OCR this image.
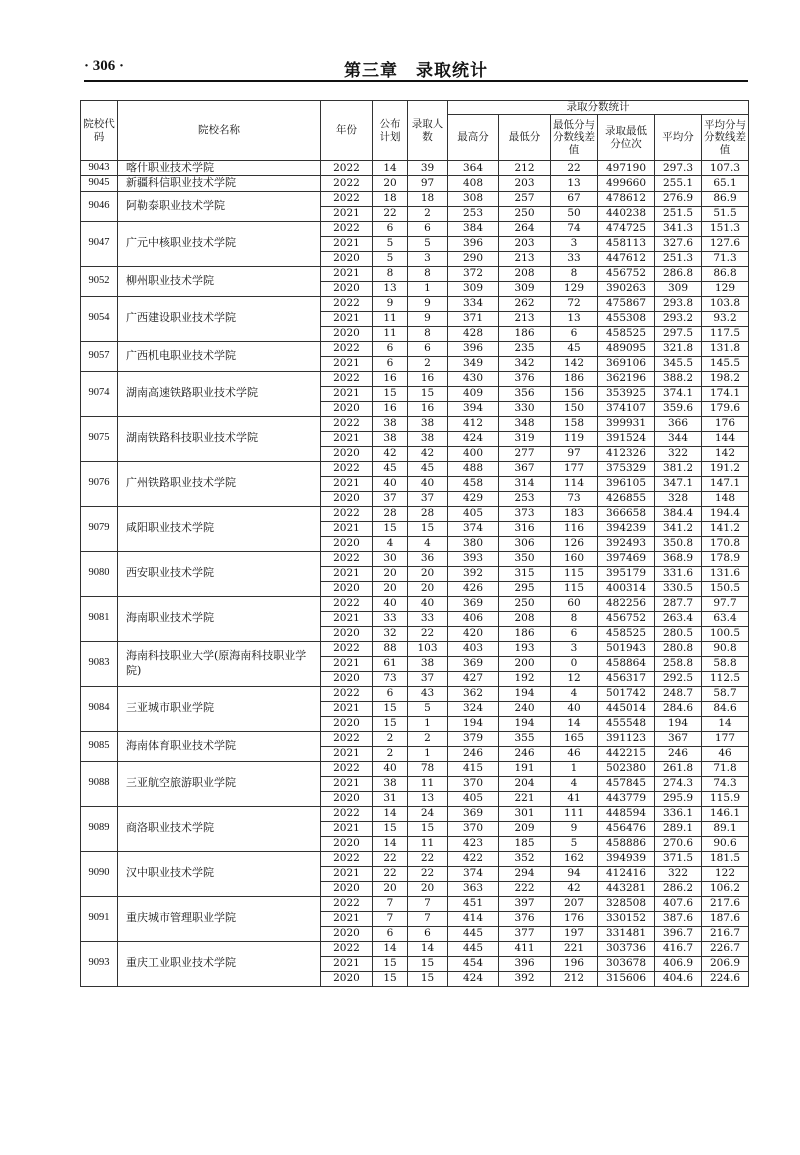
· 306 ·	第三章　录取统计
院校代码	院校名称	年份	公布计划	录取人数	录取分数统计					
					最高分	最低分	最低分与分数线差值	录取最低分位次	平均分	平均分与分数线差值
9043	喀什职业技术学院	2022	14	39	364	212	22	497190	297.3	107.3
9045	新疆科信职业技术学院	2022	20	97	408	203	13	499660	255.1	65.1
9046	阿勒泰职业技术学院	2022	18	18	308	257	67	478612	276.9	86.9
		2021	22	2	253	250	50	440238	251.5	51.5
9047	广元中核职业技术学院	2022	6	6	384	264	74	474725	341.3	151.3
		2021	5	5	396	203	3	458113	327.6	127.6
		2020	5	3	290	213	33	447612	251.3	71.3
9052	柳州职业技术学院	2021	8	8	372	208	8	456752	286.8	86.8
		2020	13	1	309	309	129	390263	309	129
9054	广西建设职业技术学院	2022	9	9	334	262	72	475867	293.8	103.8
		2021	11	9	371	213	13	455308	293.2	93.2
		2020	11	8	428	186	6	458525	297.5	117.5
9057	广西机电职业技术学院	2022	6	6	396	235	45	489095	321.8	131.8
		2021	6	2	349	342	142	369106	345.5	145.5
9074	湖南高速铁路职业技术学院	2022	16	16	430	376	186	362196	388.2	198.2
		2021	15	15	409	356	156	353925	374.1	174.1
		2020	16	16	394	330	150	374107	359.6	179.6
9075	湖南铁路科技职业技术学院	2022	38	38	412	348	158	399931	366	176
		2021	38	38	424	319	119	391524	344	144
		2020	42	42	400	277	97	412326	322	142
9076	广州铁路职业技术学院	2022	45	45	488	367	177	375329	381.2	191.2
		2021	40	40	458	314	114	396105	347.1	147.1
		2020	37	37	429	253	73	426855	328	148
9079	咸阳职业技术学院	2022	28	28	405	373	183	366658	384.4	194.4
		2021	15	15	374	316	116	394239	341.2	141.2
		2020	4	4	380	306	126	392493	350.8	170.8
9080	西安职业技术学院	2022	30	36	393	350	160	397469	368.9	178.9
		2021	20	20	392	315	115	395179	331.6	131.6
		2020	20	20	426	295	115	400314	330.5	150.5
9081	海南职业技术学院	2022	40	40	369	250	60	482256	287.7	97.7
		2021	33	33	406	208	8	456752	263.4	63.4
		2020	32	22	420	186	6	458525	280.5	100.5
9083	海南科技职业大学(原海南科技职业学院)	2022	88	103	403	193	3	501943	280.8	90.8
		2021	61	38	369	200	0	458864	258.8	58.8
		2020	73	37	427	192	12	456317	292.5	112.5
9084	三亚城市职业学院	2022	6	43	362	194	4	501742	248.7	58.7
		2021	15	5	324	240	40	445014	284.6	84.6
		2020	15	1	194	194	14	455548	194	14
9085	海南体育职业技术学院	2022	2	2	379	355	165	391123	367	177
		2021	2	1	246	246	46	442215	246	46
9088	三亚航空旅游职业学院	2022	40	78	415	191	1	502380	261.8	71.8
		2021	38	11	370	204	4	457845	274.3	74.3
		2020	31	13	405	221	41	443779	295.9	115.9
9089	商洛职业技术学院	2022	14	24	369	301	111	448594	336.1	146.1
		2021	15	15	370	209	9	456476	289.1	89.1
		2020	14	11	423	185	5	458886	270.6	90.6
9090	汉中职业技术学院	2022	22	22	422	352	162	394939	371.5	181.5
		2021	22	22	374	294	94	412416	322	122
		2020	20	20	363	222	42	443281	286.2	106.2
9091	重庆城市管理职业学院	2022	7	7	451	397	207	328508	407.6	217.6
		2021	7	7	414	376	176	330152	387.6	187.6
		2020	6	6	445	377	197	331481	396.7	216.7
9093	重庆工业职业技术学院	2022	14	14	445	411	221	303736	416.7	226.7
		2021	15	15	454	396	196	303678	406.9	206.9
		2020	15	15	424	392	212	315606	404.6	224.6
